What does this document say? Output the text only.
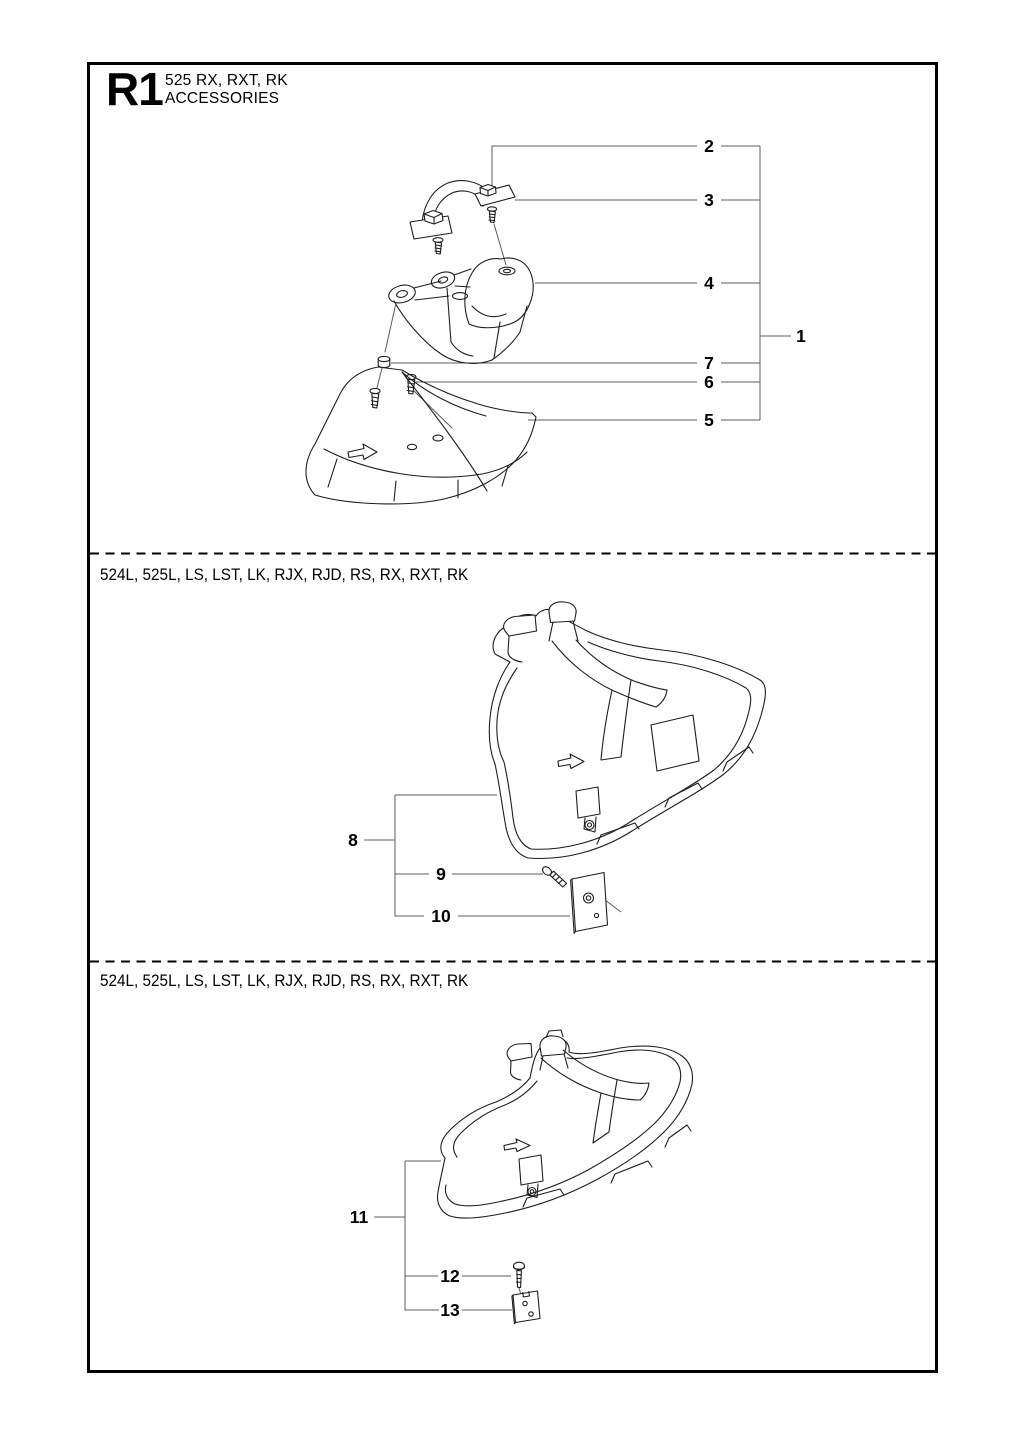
R1 525 RX, RXT, RK
ACCESSORIES
524L, 525L, LS, LST, LK, RJX, RJD, RS, RX, RXT, RK
524L, 525L, LS, LST, LK, RJX, RJD, RS, RX, RXT, RK
2
3
4
1
7
6
5
8
9
10
11
12
13
